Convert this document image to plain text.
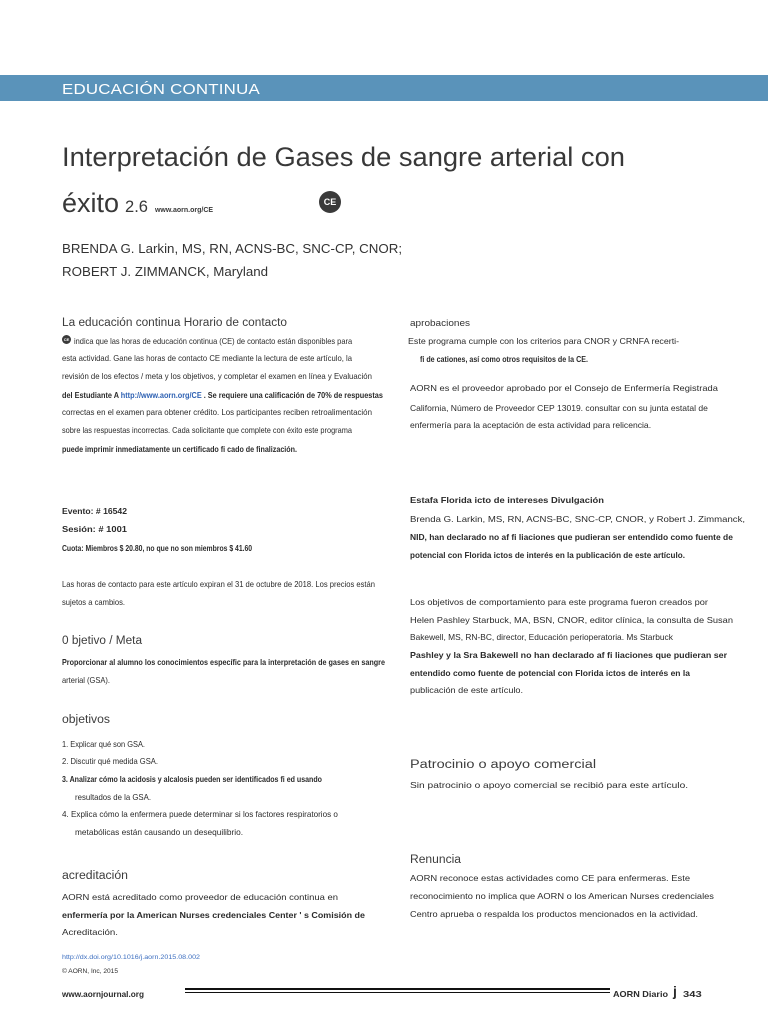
EDUCACIÓN CONTINUA
Interpretación de Gases de sangre arterial con
éxito 2.6 www.aorn.org/CE
CE
BRENDA G. Larkin, MS, RN, ACNS-BC, SNC-CP, CNOR;
ROBERT J. ZIMMANCK, Maryland
La educación continua Horario de contacto
CE indica que las horas de educación continua (CE) de contacto están disponibles para
esta actividad. Gane las horas de contacto CE mediante la lectura de este artículo, la
revisión de los efectos / meta y los objetivos, y completar el examen en línea y Evaluación
del Estudiante A http://www.aorn.org/CE . Se requiere una calificación de 70% de respuestas
correctas en el examen para obtener crédito. Los participantes reciben retroalimentación
sobre las respuestas incorrectas. Cada solicitante que complete con éxito este programa
puede imprimir inmediatamente un certificado fi cado de finalización.
Evento: # 16542
Sesión: # 1001
Cuota: Miembros $ 20.80, no que no son miembros $ 41.60
Las horas de contacto para este artículo expiran el 31 de octubre de 2018. Los precios están
sujetos a cambios.
0 bjetivo / Meta
Proporcionar al alumno los conocimientos específic para la interpretación de gases en sangre
arterial (GSA).
objetivos
1. Explicar qué son GSA.
2. Discutir qué medida GSA.
3. Analizar cómo la acidosis y alcalosis pueden ser identificados fi ed usando
resultados de la GSA.
4. Explica cómo la enfermera puede determinar si los factores respiratorios o
metabólicas están causando un desequilibrio.
acreditación
AORN está acreditado como proveedor de educación continua en
enfermería por la American Nurses credenciales Center ' s Comisión de
Acreditación.
http://dx.doi.org/10.1016/j.aorn.2015.08.002
© AORN, Inc, 2015
www.aornjournal.org	AORN Diario j 343
aprobaciones
Este programa cumple con los criterios para CNOR y CRNFA recerti-
fi de cationes, así como otros requisitos de la CE.
AORN es el proveedor aprobado por el Consejo de Enfermería Registrada
California, Número de Proveedor CEP 13019. consultar con su junta estatal de
enfermería para la aceptación de esta actividad para relicencia.
Estafa Florida icto de intereses Divulgación
Brenda G. Larkin, MS, RN, ACNS-BC, SNC-CP, CNOR, y Robert J. Zimmanck,
NID, han declarado no af fi liaciones que pudieran ser entendido como fuente de
potencial con Florida ictos de interés en la publicación de este artículo.
Los objetivos de comportamiento para este programa fueron creados por
Helen Pashley Starbuck, MA, BSN, CNOR, editor clínica, la consulta de Susan
Bakewell, MS, RN-BC, director, Educación perioperatoria. Ms Starbuck
Pashley y la Sra Bakewell no han declarado af fi liaciones que pudieran ser
entendido como fuente de potencial con Florida ictos de interés en la
publicación de este artículo.
Patrocinio o apoyo comercial
Sin patrocinio o apoyo comercial se recibió para este artículo.
Renuncia
AORN reconoce estas actividades como CE para enfermeras. Este
reconocimiento no implica que AORN o los American Nurses credenciales
Centro aprueba o respalda los productos mencionados en la actividad.
